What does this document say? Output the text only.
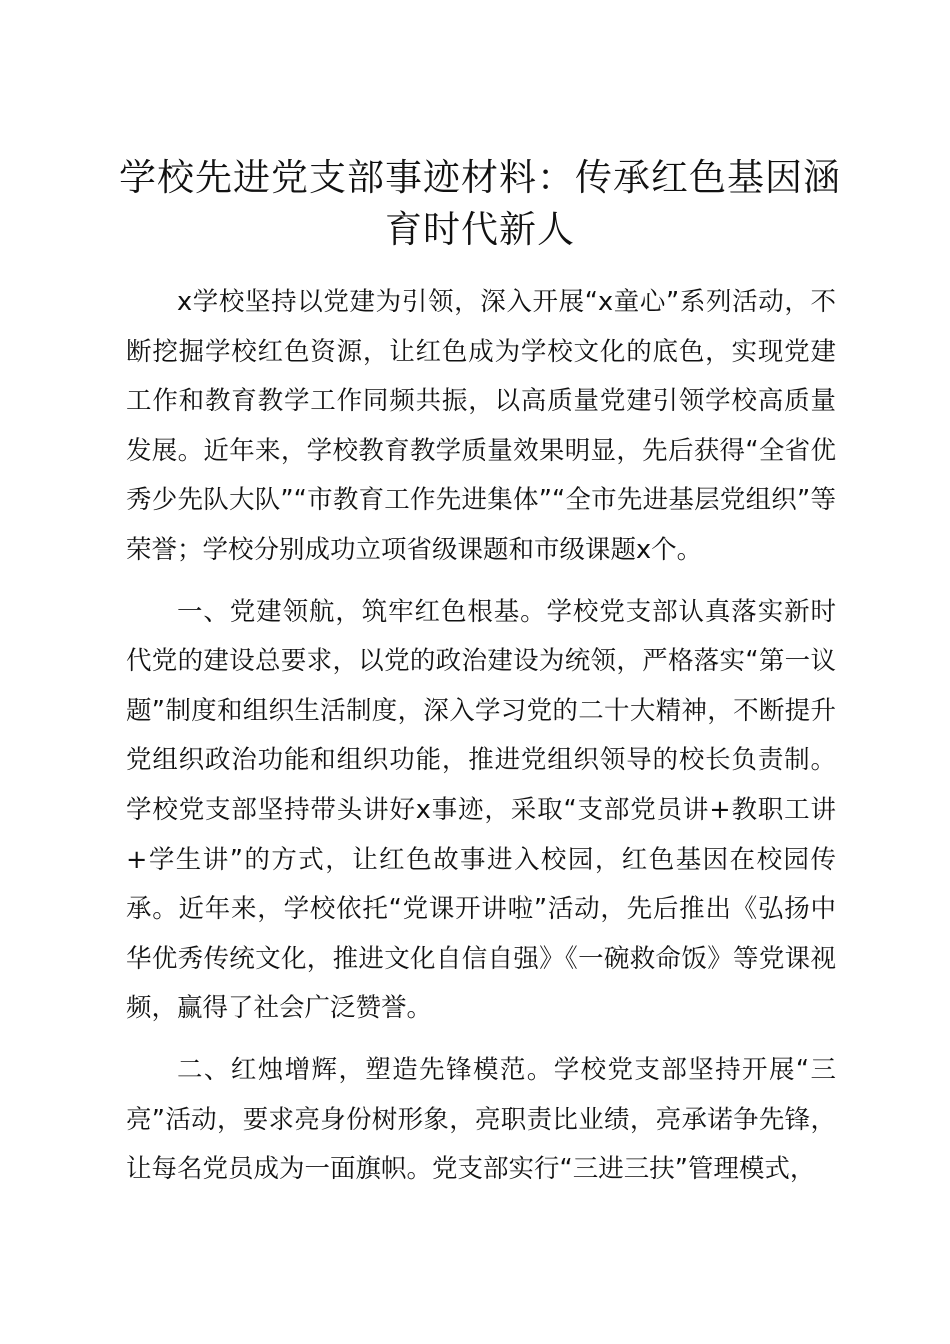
学校先进党支部事迹材料：传承红色基因涵育时代新人

x学校坚持以党建为引领，深入开展“x童心”系列活动，不断挖掘学校红色资源，让红色成为学校文化的底色，实现党建工作和教育教学工作同频共振，以高质量党建引领学校高质量发展。近年来，学校教育教学质量效果明显，先后获得“全省优秀少先队大队”“市教育工作先进集体”“全市先进基层党组织”等荣誉；学校分别成功立项省级课题和市级课题x个。

一、党建领航，筑牢红色根基。学校党支部认真落实新时代党的建设总要求，以党的政治建设为统领，严格落实“第一议题”制度和组织生活制度，深入学习党的二十大精神，不断提升党组织政治功能和组织功能，推进党组织领导的校长负责制。学校党支部坚持带头讲好x事迹，采取“支部党员讲+教职工讲+学生讲”的方式，让红色故事进入校园，红色基因在校园传承。近年来，学校依托“党课开讲啦”活动，先后推出《弘扬中华优秀传统文化，推进文化自信自强》《一碗救命饭》等党课视频，赢得了社会广泛赞誉。

二、红烛增辉，塑造先锋模范。学校党支部坚持开展“三亮”活动，要求亮身份树形象，亮职责比业绩，亮承诺争先锋，让每名党员成为一面旗帜。党支部实行“三进三扶”管理模式，
